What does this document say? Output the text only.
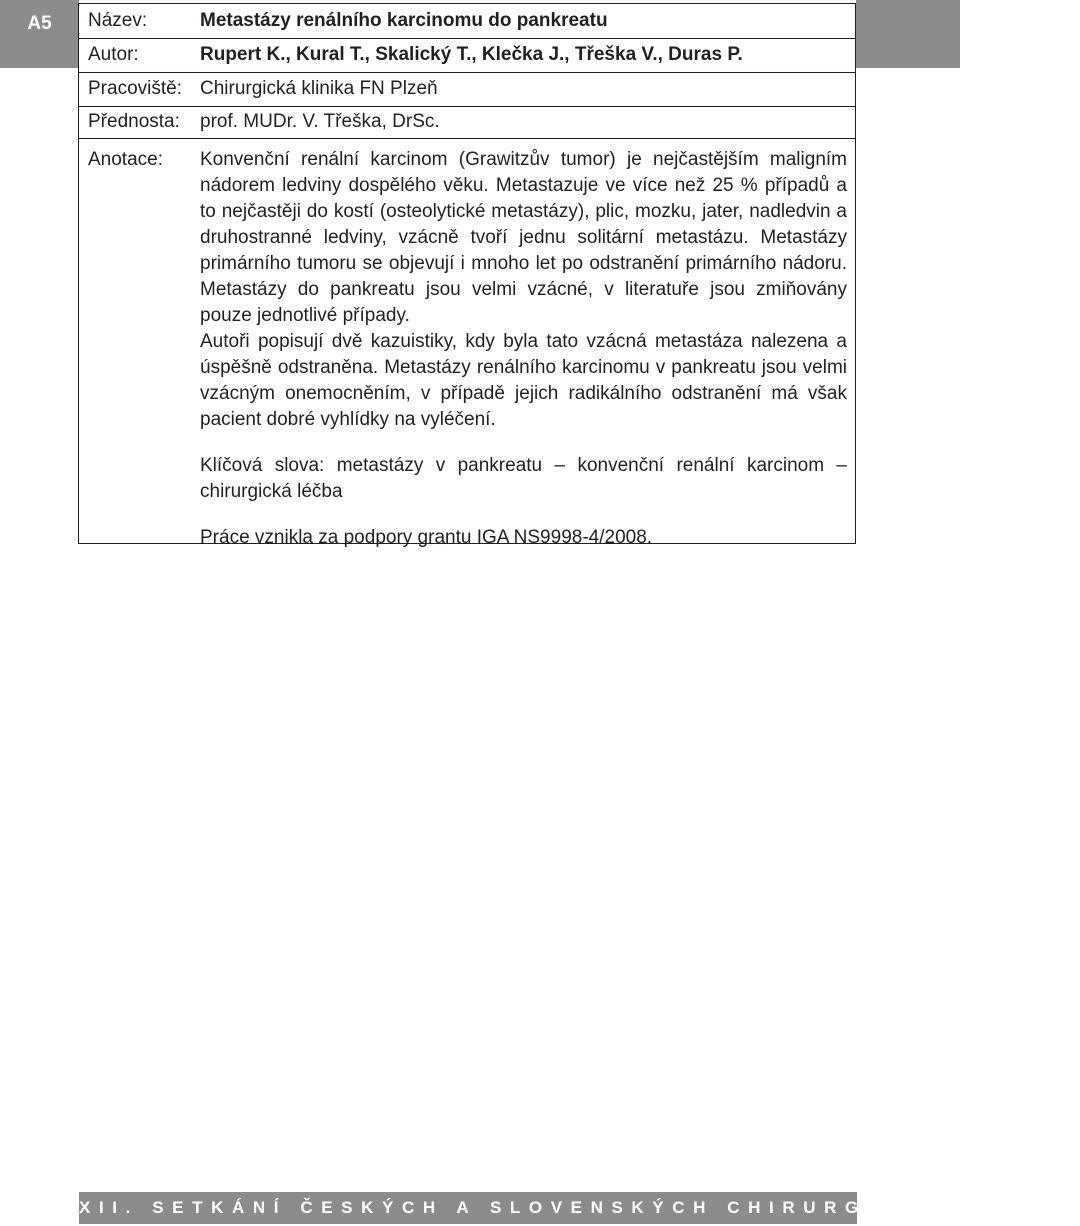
A5	Název:	Metastázy renálního karcinomu do pankreatu
Autor:	Rupert K., Kural T., Skalický T., Klečka J., Třeška V., Duras P.
Pracoviště: Chirurgická klinika FN Plzeň
Přednosta: prof. MUDr. V. Třeška, DrSc.
Anotace: Konvenční renální karcinom (Grawitzův tumor) je nejčastějším maligním nádorem ledviny dospělého věku. Metastazuje ve více než 25 % případů a to nejčastěji do kostí (osteolytické metastázy), plic, mozku, jater, nadledvin a druhostranné ledviny, vzácně tvoří jednu solitární metastázu. Metastázy primárního tumoru se objevují i mnoho let po odstranění primárního nádoru. Metastázy do pankreatu jsou velmi vzácné, v literatuře jsou zmiňovány pouze jednotlivé případy.

Autoři popisují dvě kazuistiky, kdy byla tato vzácná metastáza nalezena a úspěšně odstraněna. Metastázy renálního karcinomu v pankreatu jsou velmi vzácným onemocněním, v případě jejich radikálního odstranění má však pacient dobré vyhlídky na vyléčení.

Klíčová slova: metastázy v pankreatu – konvenční renální karcinom – chirurgická léčba

Práce vznikla za podpory grantu IGA NS9998-4/2008.

XII. SETKÁNÍ ČESKÝCH A SLOVENSKÝCH CHIRURGŮ NA MORAVĚ
